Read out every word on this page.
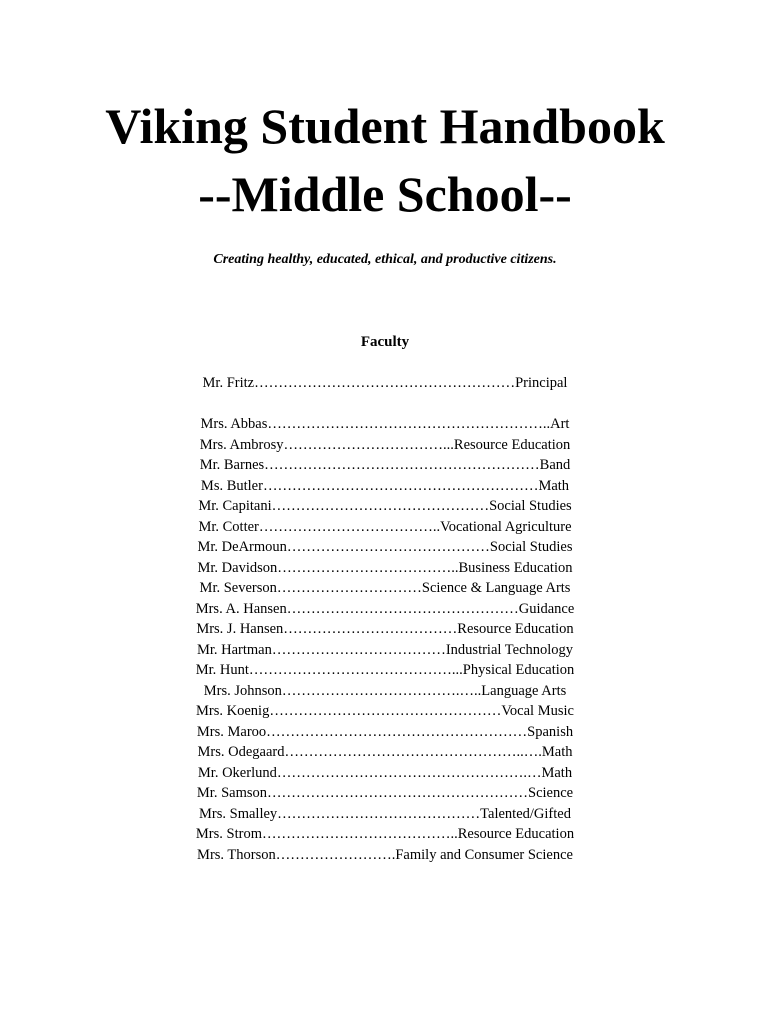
Viking Student Handbook
--Middle School--
Creating healthy, educated, ethical, and productive citizens.
Faculty
Mr. Fritz………………………………………………Principal
Mrs. Abbas…………………………………………………..Art
Mrs. Ambrosy……………………………...Resource Education
Mr. Barnes…………………………………………………Band
Ms. Butler…………………………………………………Math
Mr. Capitani………………………………………Social Studies
Mr. Cotter………………………………..Vocational Agriculture
Mr. DeArmoun……………………………………Social Studies
Mr. Davidson………………………………..Business Education
Mr. Severson…………………………Science & Language Arts
Mrs. A. Hansen…………………………………………Guidance
Mrs. J. Hansen………………………………Resource Education
Mr. Hartman………………………………Industrial Technology
Mr. Hunt……………………………………...Physical Education
Mrs. Johnson……………………………….…..Language Arts
Mrs. Koenig…………………………………………Vocal Music
Mrs. Maroo………………………………………………Spanish
Mrs. Odegaard…………………………………………..….Math
Mr. Okerlund…………………………………………….…Math
Mr. Samson………………………………………………Science
Mrs. Smalley……………………………………Talented/Gifted
Mrs. Strom…………………………………..Resource Education
Mrs. Thorson…………………….Family and Consumer Science
